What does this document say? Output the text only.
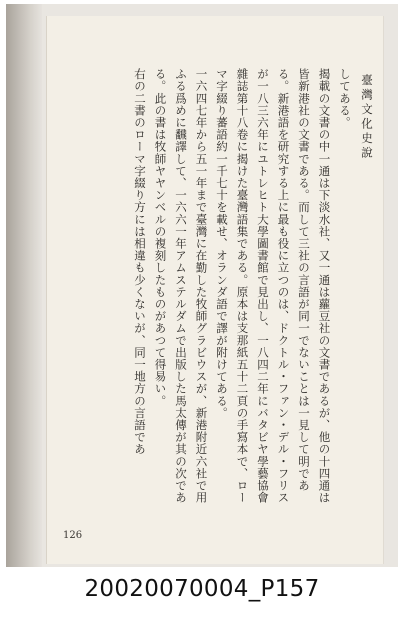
臺灣文化史說

してある。

揭載の文書の中一通は下淡水社、又一通は蘿豆社の文書であるが、他の十四通は皆新港社の文書である。而して三社の言語が同一でないことは一見して明である。新港語を研究する上に最も役に立つのは、ドクトル・ファン・デル・フリスが一八三六年にユトレヒト大學圖書館で見出し、一八四二年にバタビヤ學藝協會雜誌第十八卷に揭けた臺灣語集である。原本は支那紙五十二頁の手寫本で、ローマ字綴り蕃語約一千七十を載せ、オランダ語で譯が附けてある。

一六四七年から五一年まで臺灣に在勤した牧師グラビウスが、新港附近六社で用ふる爲めに飜譯して、一六六一年アムステルダムで出版した馬太傳が其の次である。此の書は牧師ヤヤンベルの複刻したものがあつて得易い。

右の二書のローマ字綴り方には相違も少くないが、同一地方の言語であ

126
20020070004_P157
